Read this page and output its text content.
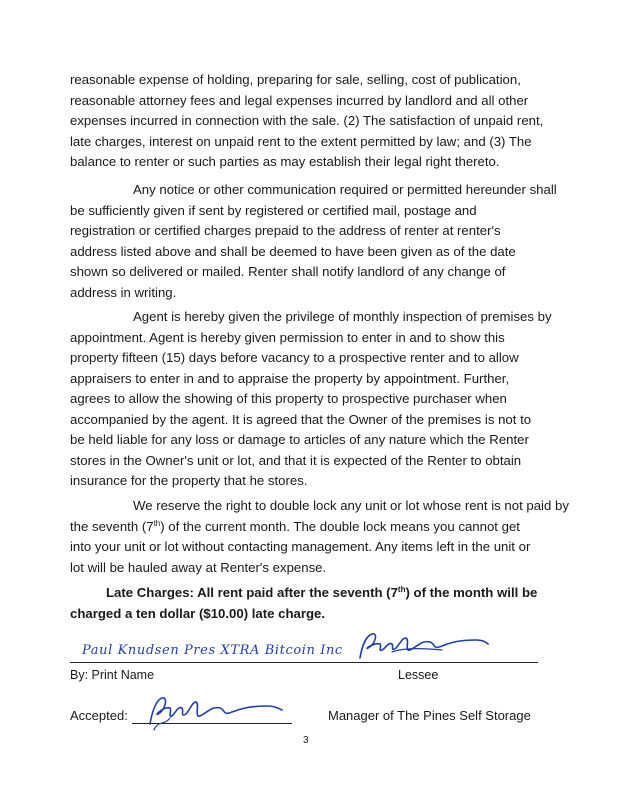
reasonable expense of holding, preparing for sale, selling, cost of publication,
reasonable attorney fees and legal expenses incurred by landlord and all other
expenses incurred in connection with the sale. (2) The satisfaction of unpaid rent,
late charges, interest on unpaid rent to the extent permitted by law; and (3) The
balance to renter or such parties as may establish their legal right thereto.
Any notice or other communication required or permitted hereunder shall
be sufficiently given if sent by registered or certified mail, postage and
registration or certified charges prepaid to the address of renter at renter's
address listed above and shall be deemed to have been given as of the date
shown so delivered or mailed. Renter shall notify landlord of any change of
address in writing.
Agent is hereby given the privilege of monthly inspection of premises by
appointment. Agent is hereby given permission to enter in and to show this
property fifteen (15) days before vacancy to a prospective renter and to allow
appraisers to enter in and to appraise the property by appointment. Further,
agrees to allow the showing of this property to prospective purchaser when
accompanied by the agent. It is agreed that the Owner of the premises is not to
be held liable for any loss or damage to articles of any nature which the Renter
stores in the Owner's unit or lot, and that it is expected of the Renter to obtain
insurance for the property that he stores.
We reserve the right to double lock any unit or lot whose rent is not paid by
the seventh (7th) of the current month. The double lock means you cannot get
into your unit or lot without contacting management. Any items left in the unit or
lot will be hauled away at Renter's expense.
Late Charges: All rent paid after the seventh (7th) of the month will be
charged a ten dollar ($10.00) late charge.
Paul Knudsen Pres XTRA Bitcoin Inc
By: Print Name	Lessee
Accepted:	Manager of The Pines Self Storage
3
